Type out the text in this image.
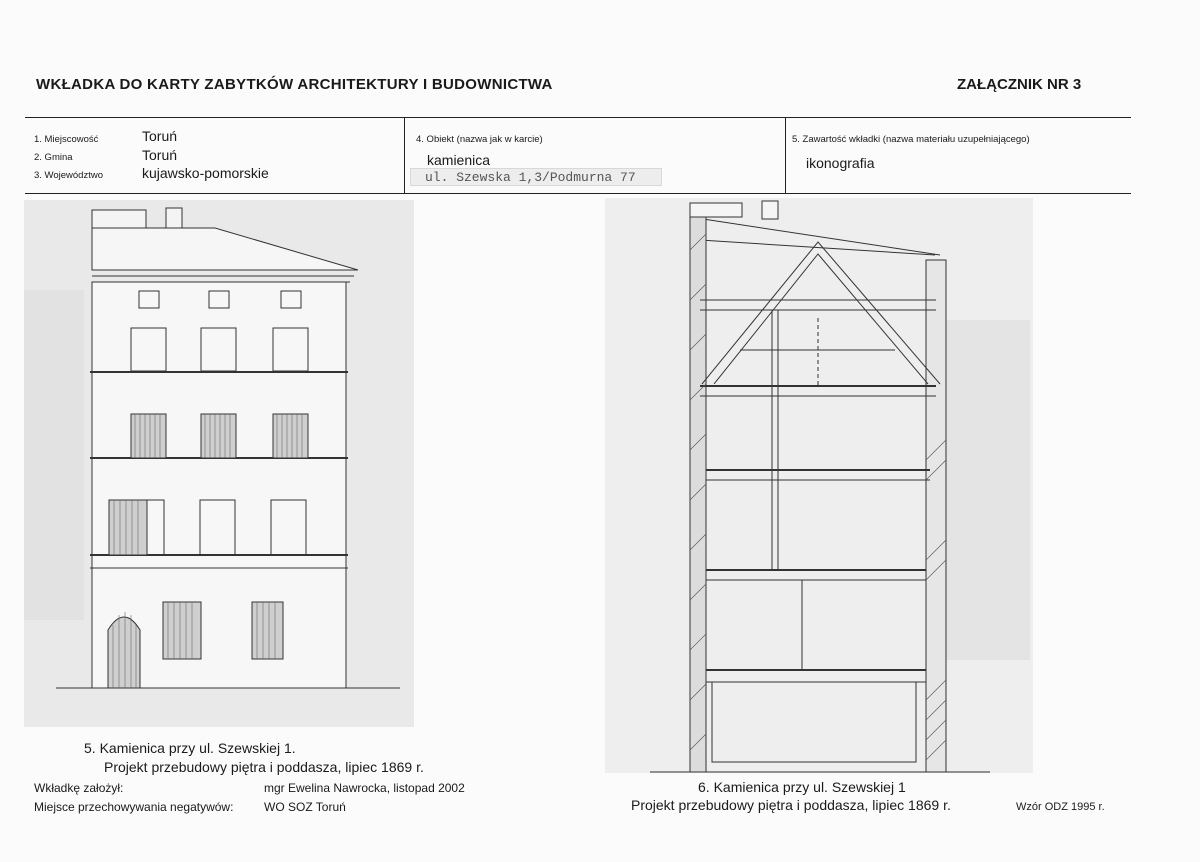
WKŁADKA DO KARTY ZABYTKÓW ARCHITEKTURY I BUDOWNICTWA	ZAŁĄCZNIK NR 3
1. Miejscowość	Toruń
2. Gmina	Toruń
3. Województwo	kujawsko-pomorskie
4. Obiekt (nazwa jak w karcie)
kamienica
ul. Szewska 1,3/Podmurna 77
5. Zawartość wkładki (nazwa materiału uzupełniającego)
ikonografia
5. Kamienica przy ul. Szewskiej 1.
Projekt przebudowy piętra i poddasza, lipiec 1869 r.
6. Kamienica przy ul. Szewskiej 1
Projekt przebudowy piętra i poddasza, lipiec 1869 r.
Wkładkę założył:	mgr Ewelina Nawrocka, listopad 2002
Miejsce przechowywania negatywów:	WO SOZ Toruń	Wzór ODZ 1995 r.
